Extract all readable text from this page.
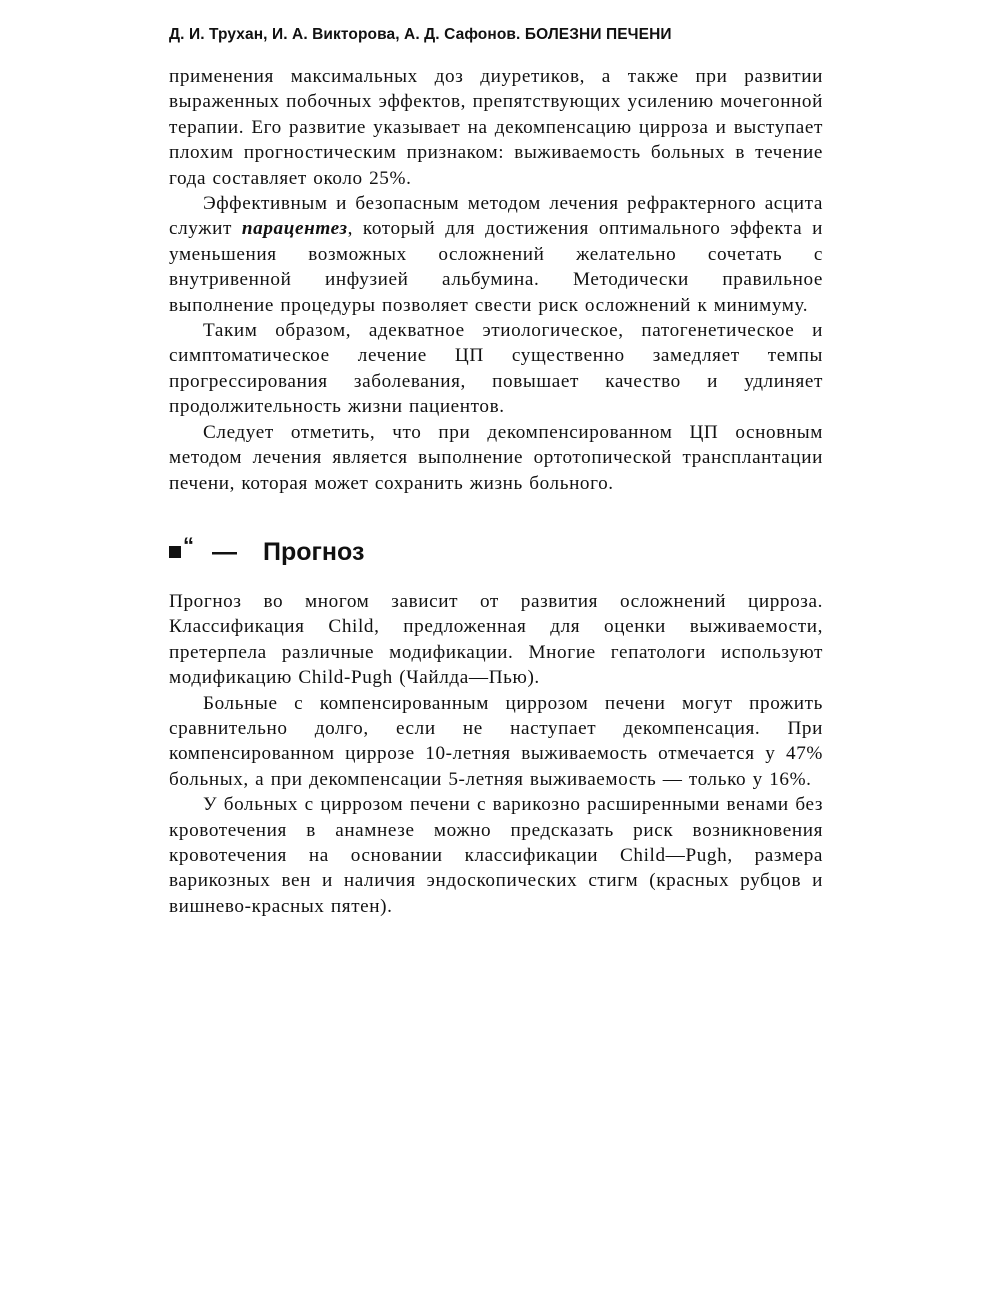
Д. И. Трухан, И. А. Викторова, А. Д. Сафонов. БОЛЕЗНИ ПЕЧЕНИ

применения максимальных доз диуретиков, а также при развитии выраженных побочных эффектов, препятствующих усилению мочегонной терапии. Его развитие указывает на декомпенсацию цирроза и выступает плохим прогностическим признаком: выживаемость больных в течение года составляет около 25%.

Эффективным и безопасным методом лечения рефрактерного асцита служит парацентез, который для достижения оптимального эффекта и уменьшения возможных осложнений желательно сочетать с внутривенной инфузией альбумина. Методически правильное выполнение процедуры позволяет свести риск осложнений к минимуму.

Таким образом, адекватное этиологическое, патогенетическое и симптоматическое лечение ЦП существенно замедляет темпы прогрессирования заболевания, повышает качество и удлиняет продолжительность жизни пациентов.

Следует отметить, что при декомпенсированном ЦП основным методом лечения является выполнение ортотопической трансплантации печени, которая может сохранить жизнь больного.

“ — Прогноз

Прогноз во многом зависит от развития осложнений цирроза. Классификация Child, предложенная для оценки выживаемости, претерпела различные модификации. Многие гепатологи используют модификацию Child-Pugh (Чайлда—Пью).

Больные с компенсированным циррозом печени могут прожить сравнительно долго, если не наступает декомпенсация. При компенсированном циррозе 10-летняя выживаемость отмечается у 47% больных, а при декомпенсации 5-летняя выживаемость — только у 16%.

У больных с циррозом печени с варикозно расширенными венами без кровотечения в анамнезе можно предсказать риск возникновения кровотечения на основании классификации Child—Pugh, размера варикозных вен и наличия эндоскопических стигм (красных рубцов и вишнево-красных пятен).
